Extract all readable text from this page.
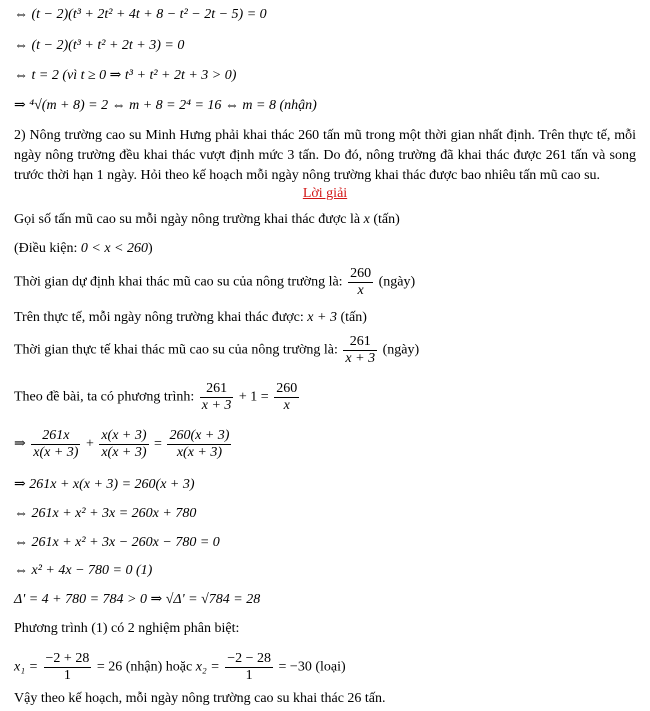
⇔ (t − 2)(t³ + 2t² + 4t + 8 − t² − 2t − 5) = 0
⇔ (t − 2)(t³ + t² + 2t + 3) = 0
⇔ t = 2 (vì t ≥ 0 ⇒ t³ + t² + 2t + 3 > 0)
⇒ ⁴√(m + 8) = 2 ⇔ m + 8 = 2⁴ = 16 ⇔ m = 8 (nhận)
2) Nông trường cao su Minh Hưng phải khai thác 260 tấn mũ trong một thời gian nhất định. Trên thực tế, mỗi ngày nông trường đều khai thác vượt định mức 3 tấn. Do đó, nông trường đã khai thác được 261 tấn và song trước thời hạn 1 ngày. Hỏi theo kế hoạch mỗi ngày nông trường khai thác được bao nhiêu tấn mũ cao su.
Lời giải
Gọi số tấn mũ cao su mỗi ngày nông trường khai thác được là x (tấn)
(Điều kiện: 0 < x < 260)
Thời gian dự định khai thác mũ cao su của nông trường là: $\frac{260}{x}$ (ngày)
Trên thực tế, mỗi ngày nông trường khai thác được: x + 3 (tấn)
Thời gian thực tế khai thác mũ cao su của nông trường là: $\frac{261}{x + 3}$ (ngày)
Theo đề bài, ta có phương trình: $\frac{261}{x + 3} + 1 = \frac{260}{x}$
⇒ $\frac{261x}{x(x + 3)} + \frac{x(x + 3)}{x(x + 3)} = \frac{260(x + 3)}{x(x + 3)}$
⇒ 261x + x(x + 3) = 260(x + 3)
⇔ 261x + x² + 3x = 260x + 780
⇔ 261x + x² + 3x − 260x − 780 = 0
⇔ x² + 4x − 780 = 0 (1)
Δ' = 4 + 780 = 784 > 0 ⇒ √Δ' = √784 = 28
Phương trình (1) có 2 nghiệm phân biệt:
$x_1 = \frac{-2 + 28}{1} = 26$ (nhận) hoặc $x_2 = \frac{-2 - 28}{1} = -30$ (loại)
Vậy theo kế hoạch, mỗi ngày nông trường cao su khai thác 26 tấn.
